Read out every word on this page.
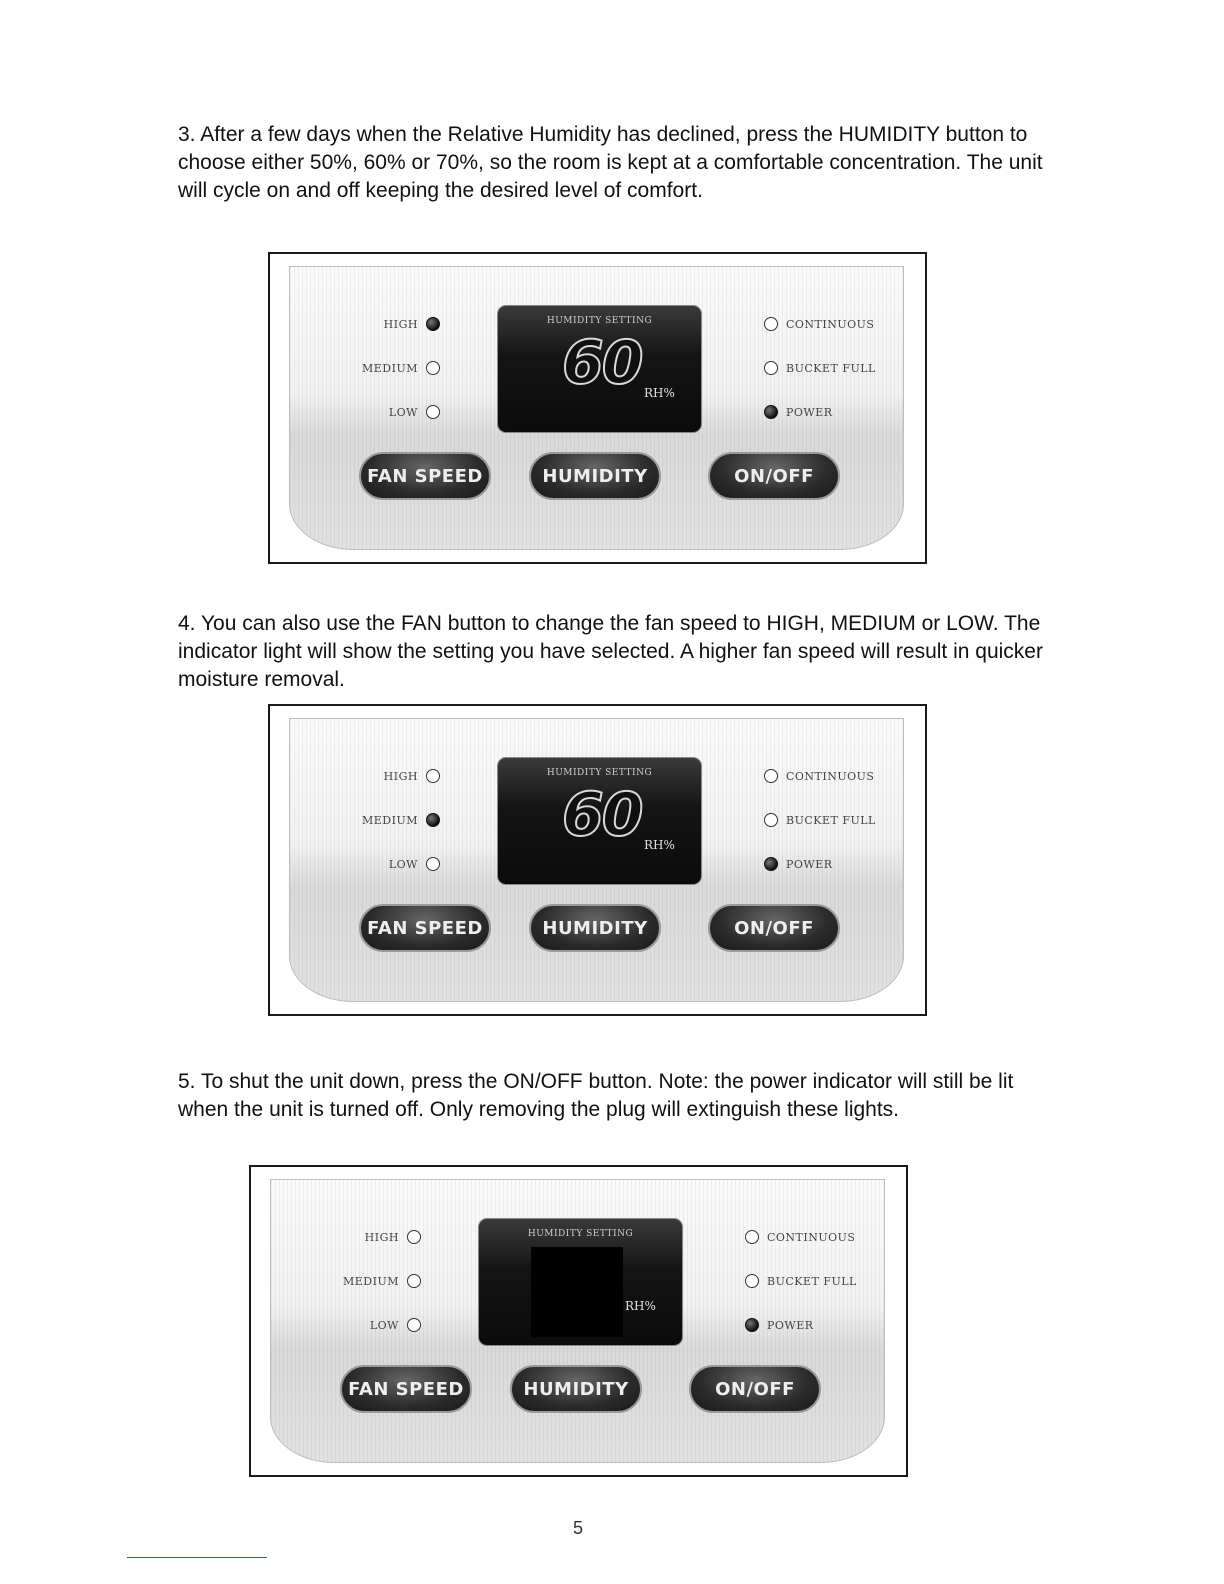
3. After a few days when the Relative Humidity has declined, press the HUMIDITY button to choose either 50%, 60% or 70%, so the room is kept at a comfortable concentration. The unit will cycle on and off keeping the desired level of comfort.

HIGH
MEDIUM
LOW
HUMIDITY SETTING
60 RH%
CONTINUOUS
BUCKET FULL
POWER
FAN SPEED	HUMIDITY	ON/OFF

4. You can also use the FAN button to change the fan speed to HIGH, MEDIUM or LOW. The indicator light will show the setting you have selected. A higher fan speed will result in quicker moisture removal.

HIGH
MEDIUM
LOW
HUMIDITY SETTING
60 RH%
CONTINUOUS
BUCKET FULL
POWER
FAN SPEED	HUMIDITY	ON/OFF

5. To shut the unit down, press the ON/OFF button. Note: the power indicator will still be lit when the unit is turned off. Only removing the plug will extinguish these lights.

HIGH
MEDIUM
LOW
HUMIDITY SETTING
RH%
CONTINUOUS
BUCKET FULL
POWER
FAN SPEED	HUMIDITY	ON/OFF
5
